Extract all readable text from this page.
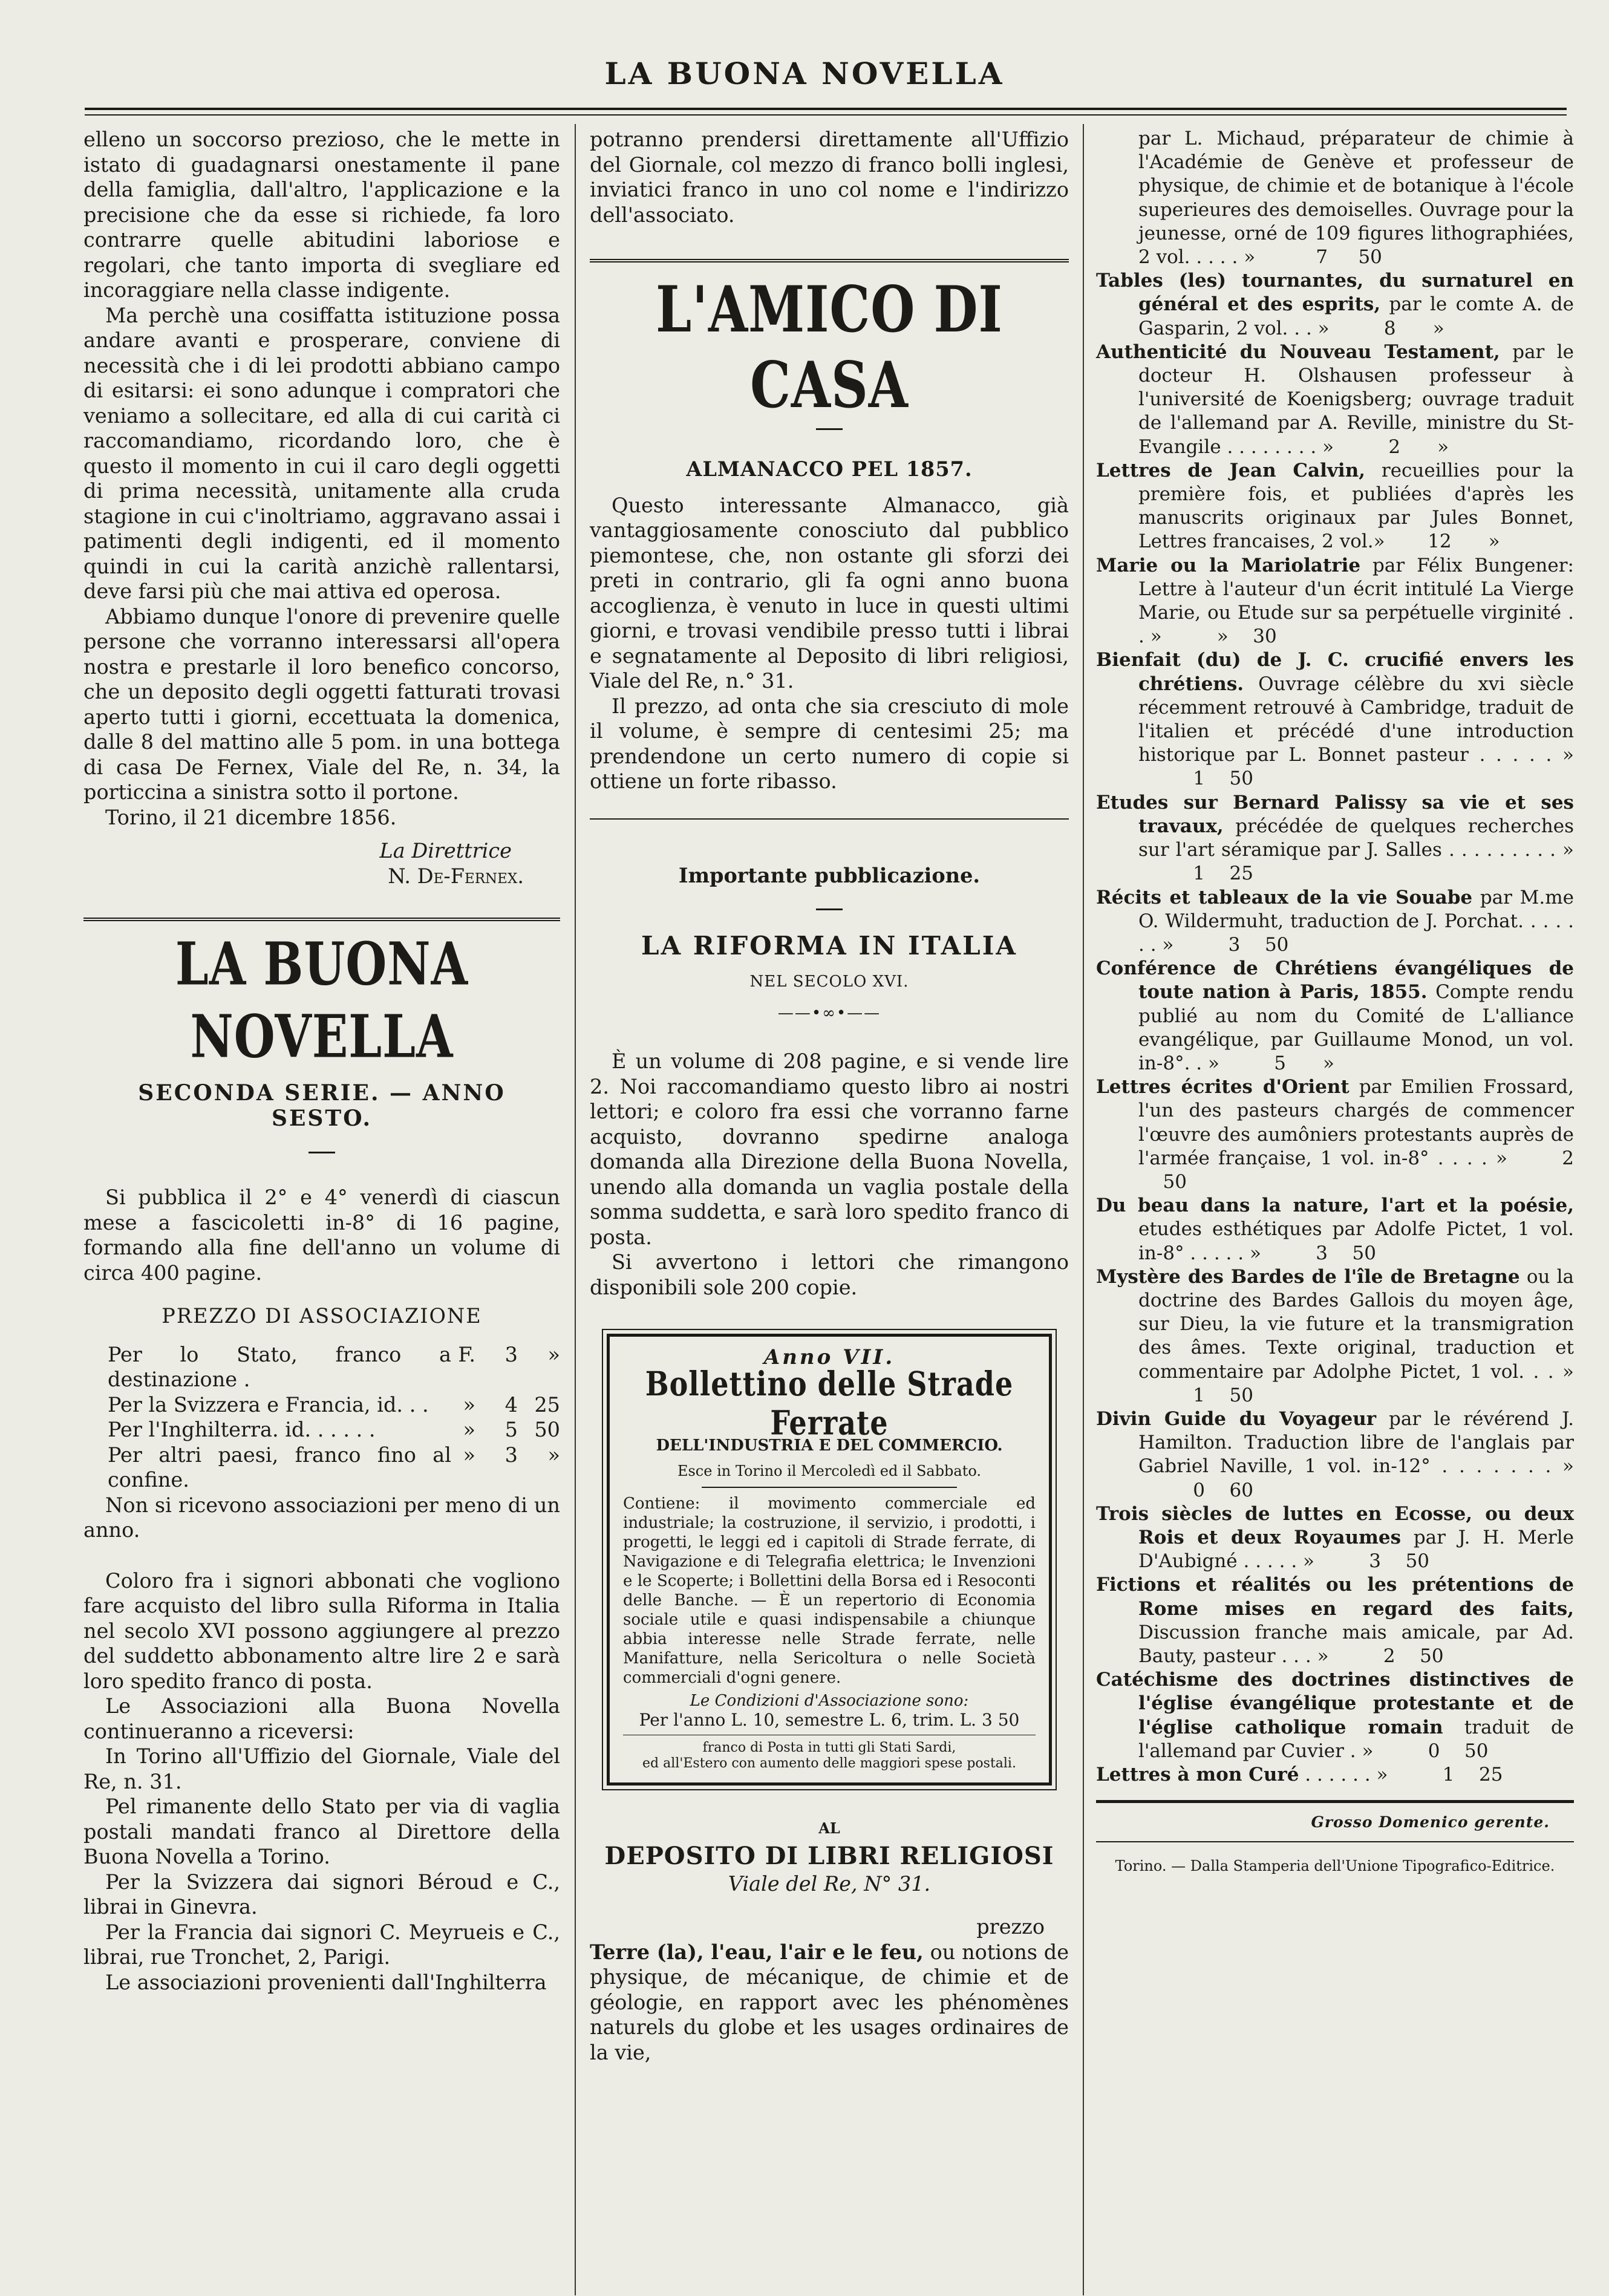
LA BUONA NOVELLA

elleno un soccorso prezioso, che le mette in istato di guadagnarsi onestamente il pane della famiglia, dall'altro, l'applicazione e la precisione che da esse si richiede, fa loro contrarre quelle abitudini laboriose e regolari, che tanto importa di svegliare ed incoraggiare nella classe indigente.

Ma perchè una cosiffatta istituzione possa andare avanti e prosperare, conviene di necessità che i di lei prodotti abbiano campo di esitarsi: ei sono adunque i compratori che veniamo a sollecitare, ed alla di cui carità ci raccomandiamo, ricordando loro, che è questo il momento in cui il caro degli oggetti di prima necessità, unitamente alla cruda stagione in cui c'inoltriamo, aggravano assai i patimenti degli indigenti, ed il momento quindi in cui la carità anzichè rallentarsi, deve farsi più che mai attiva ed operosa.

Abbiamo dunque l'onore di prevenire quelle persone che vorranno interessarsi all'opera nostra e prestarle il loro benefico concorso, che un deposito degli oggetti fatturati trovasi aperto tutti i giorni, eccettuata la domenica, dalle 8 del mattino alle 5 pom. in una bottega di casa De Fernex, Viale del Re, n. 34, la porticcina a sinistra sotto il portone.

Torino, il 21 dicembre 1856.

La Direttrice

N. De-Fernex.

LA BUONA NOVELLA
SECONDA SERIE. — ANNO SESTO.

Si pubblica il 2° e 4° venerdì di ciascun mese a fascicoletti in-8° di 16 pagine, formando alla fine dell'anno un volume di circa 400 pagine.

PREZZO DI ASSOCIAZIONE

Per lo Stato, franco a destinazione .
F.	3	»
Per la Svizzera e Francia, id. . .	»	4 25
Per l'Inghilterra. id. . . . . .	»	5 50
Per altri paesi, franco fino al confine.
»	3	»

Non si ricevono associazioni per meno di un anno.

Coloro fra i signori abbonati che vogliono fare acquisto del libro sulla Riforma in Italia nel secolo XVI possono aggiungere al prezzo del suddetto abbonamento altre lire 2 e sarà loro spedito franco di posta.

Le Associazioni alla Buona Novella continueranno a riceversi:

In Torino all'Uffizio del Giornale, Viale del Re, n. 31.

Pel rimanente dello Stato per via di vaglia postali mandati franco al Direttore della Buona Novella a Torino.

Per la Svizzera dai signori Béroud e C., librai in Ginevra.

Per la Francia dai signori C. Meyrueis e C., librai, rue Tronchet, 2, Parigi.

Le associazioni provenienti dall'Inghilterra

potranno prendersi direttamente all'Uffizio del Giornale, col mezzo di franco bolli inglesi, inviatici franco in uno col nome e l'indirizzo dell'associato.

L'AMICO DI CASA

ALMANACCO PEL 1857.

Questo interessante Almanacco, già vantaggiosamente conosciuto dal pubblico piemontese, che, non ostante gli sforzi dei preti in contrario, gli fa ogni anno buona accoglienza, è venuto in luce in questi ultimi giorni, e trovasi vendibile presso tutti i librai e segnatamente al Deposito di libri religiosi, Viale del Re, n.° 31.

Il prezzo, ad onta che sia cresciuto di mole il volume, è sempre di centesimi 25; ma prendendone un certo numero di copie si ottiene un forte ribasso.

Importante pubblicazione.

LA RIFORMA IN ITALIA

NEL SECOLO XVI.

——•∞•——

È un volume di 208 pagine, e si vende lire 2. Noi raccomandiamo questo libro ai nostri lettori; e coloro fra essi che vorranno farne acquisto, dovranno spedirne analoga domanda alla Direzione della Buona Novella, unendo alla domanda un vaglia postale della somma suddetta, e sarà loro spedito franco di posta.

Si avvertono i lettori che rimangono disponibili sole 200 copie.

Anno VII.
Bollettino delle Strade Ferrate
DELL'INDUSTRIA E DEL COMMERCIO.
Esce in Torino il Mercoledì ed il Sabbato.

Contiene: il movimento commerciale ed industriale; la costruzione, il servizio, i prodotti, i progetti, le leggi ed i capitoli di Strade ferrate, di Navigazione e di Telegrafia elettrica; le Invenzioni e le Scoperte; i Bollettini della Borsa ed i Resoconti delle Banche. — È un repertorio di Economia sociale utile e quasi indispensabile a chiunque abbia interesse nelle Strade ferrate, nelle Manifatture, nella Sericoltura o nelle Società commerciali d'ogni genere.

Le Condizioni d'Associazione sono:

Per l'anno L. 10, semestre L. 6, trim. L. 3 50

franco di Posta in tutti gli Stati Sardi,

ed all'Estero con aumento delle maggiori spese postali.

AL

DEPOSITO DI LIBRI RELIGIOSI

Viale del Re, N° 31.

prezzo

Terre (la), l'eau, l'air e le feu, ou notions de physique, de mécanique, de chimie et de géologie, en rapport avec les phénomènes naturels du globe et les usages ordinaires de la vie,

par L. Michaud, préparateur de chimie à l'Académie de Genève et professeur de physique, de chimie et de botanique à l'école superieures des demoiselles. Ouvrage pour la jeunesse, orné de 109 figures lithographiées, 2 vol. . . . . »	7 50

Tables (les) tournantes, du surnaturel en général et des esprits, par le comte A. de Gasparin, 2 vol. . . »	8 »

Authenticité du Nouveau Testament, par le docteur H. Olshausen professeur à l'université de Koenigsberg; ouvrage traduit de l'allemand par A. Reville, ministre du St-Evangile . . . . . . . . »	2 »

Lettres de Jean Calvin, recueillies pour la première fois, et publiées d'après les manuscrits originaux par Jules Bonnet, Lettres francaises, 2 vol.» 12 »

Marie ou la Mariolatrie par Félix Bungener: Lettre à l'auteur d'un écrit intitulé La Vierge Marie, ou Etude sur sa perpétuelle virginité . . »	» 30

Bienfait (du) de J. C. crucifié envers les chrétiens. Ouvrage célèbre du xvi siècle récemment retrouvé à Cambridge, traduit de l'italien et précédé d'une introduction historique par L. Bonnet pasteur . . . . . »1 50

Etudes sur Bernard Palissy sa vie et ses travaux, précédée de quelques recherches sur l'art séramique par J. Salles . . . . . . . . . »1 25

Récits et tableaux de la vie Souabe par M.me O. Wildermuht, traduction de J. Porchat. . . . . . . »	3 50

Conférence de Chrétiens évangéliques de toute nation à Paris, 1855. Compte rendu publié au nom du Comité de L'alliance evangélique, par Guillaume Monod, un vol. in-8°. . »	5 »

Lettres écrites d'Orient par Emilien Frossard, l'un des pasteurs chargés de commencer l'œuvre des aumôniers protestants auprès de l'armée française, 1 vol. in-8° . . . . »	250

Du beau dans la nature, l'art et la poésie, etudes esthétiques par Adolfe Pictet, 1 vol. in-8° . . . . . »	3 50

Mystère des Bardes de l'île de Bretagne ou la doctrine des Bardes Gallois du moyen âge, sur Dieu, la vie future et la transmigration des âmes. Texte original, traduction et commentaire par Adolphe Pictet, 1 vol. . . »1 50

Divin Guide du Voyageur par le révérend J. Hamilton. Traduction libre de l'anglais par Gabriel Naville, 1 vol. in-12° . . . . . . . »0 60

Trois siècles de luttes en Ecosse, ou deux Rois et deux Royaumes par J. H. Merle D'Aubigné . . . . . »	3 50

Fictions et réalités ou les prétentions de Rome mises en regard des faits, Discussion franche mais amicale, par Ad. Bauty, pasteur . . . »	2 50

Catéchisme des doctrines distinctives de l'église évangélique protestante et de l'église catholique romain traduit de l'allemand par Cuvier . »	0 50

Lettres à mon Curé . . . . . . »	1 25

Grosso Domenico gerente.

Torino. — Dalla Stamperia dell'Unione Tipografico-Editrice.
